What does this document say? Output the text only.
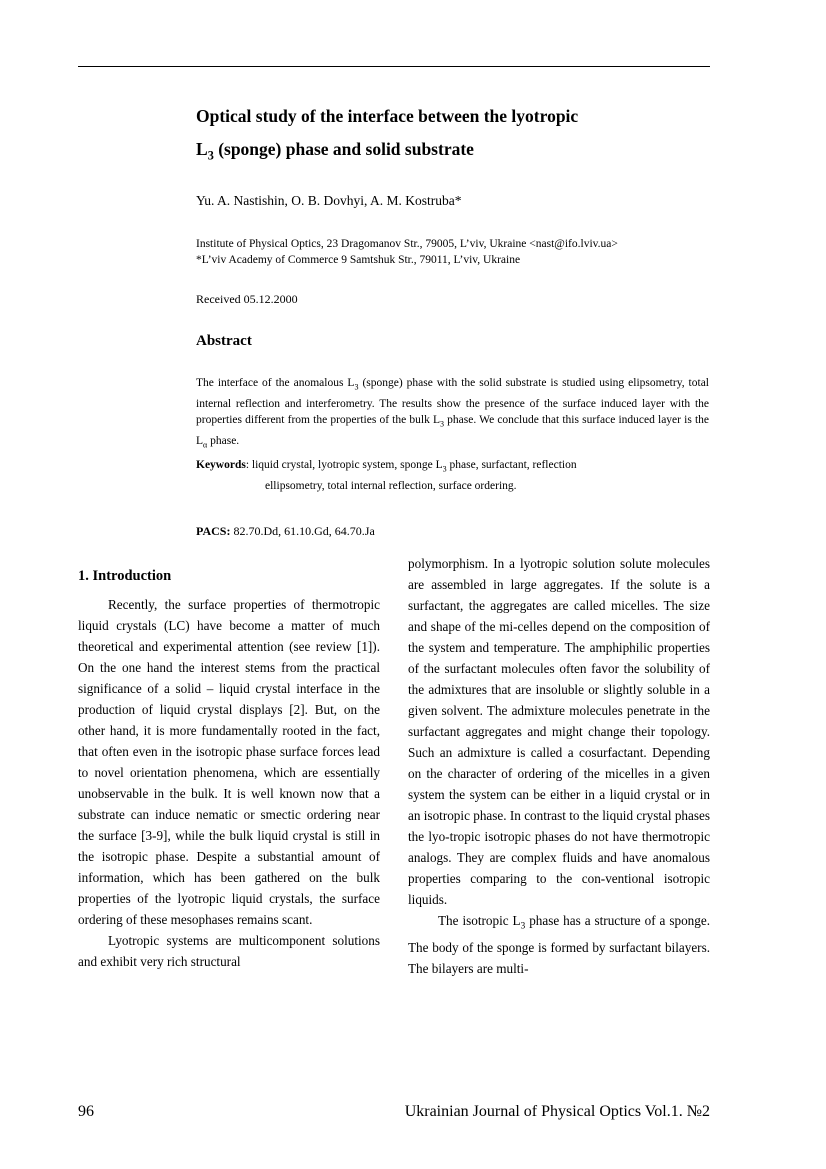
Optical study of the interface between the lyotropic
$L_3$ (sponge) phase and solid substrate
Yu. A. Nastishin, O. B. Dovhyi, A. M. Kostruba*
Institute of Physical Optics, 23 Dragomanov Str., 79005, L’viv, Ukraine <nast@ifo.lviv.ua>
*L’viv Academy of Commerce 9 Samtshuk Str., 79011, L’viv, Ukraine
Received 05.12.2000
Abstract

The interface of the anomalous $L_3$ (sponge) phase with the solid substrate is studied using elipsometry, total internal reflection and interferometry. The results show the presence of the surface induced layer with the properties different from the properties of the bulk $L_3$ phase. We conclude that this surface induced layer is the $L_\alpha$ phase.

Keywords: liquid crystal, lyotropic system, sponge $L_3$ phase, surfactant, reflection
ellipsometry, total internal reflection, surface ordering.

PACS: 82.70.Dd, 61.10.Gd, 64.70.Ja
1. Introduction

Recently, the surface properties of thermotropic liquid crystals (LC) have become a matter of much theoretical and experimental attention (see review [1]). On the one hand the interest stems from the practical significance of a solid – liquid crystal interface in the production of liquid crystal displays [2]. But, on the other hand, it is more fundamentally rooted in the fact, that often even in the isotropic phase surface forces lead to novel orientation phenomena, which are essentially unobservable in the bulk. It is well known now that a substrate can induce nematic or smectic ordering near the surface [3-9], while the bulk liquid crystal is still in the isotropic phase. Despite a substantial amount of information, which has been gathered on the bulk properties of the lyotropic liquid crystals, the surface ordering of these mesophases remains scant.

Lyotropic systems are multicomponent solutions and exhibit very rich structural

polymorphism. In a lyotropic solution solute molecules are assembled in large aggregates. If the solute is a surfactant, the aggregates are called micelles. The size and shape of the mi-celles depend on the composition of the system and temperature. The amphiphilic properties of the surfactant molecules often favor the solubility of the admixtures that are insoluble or slightly soluble in a given solvent. The admixture molecules penetrate in the surfactant aggregates and might change their topology. Such an admixture is called a cosurfactant. Depending on the character of ordering of the micelles in a given system the system can be either in a liquid crystal or in an isotropic phase. In contrast to the liquid crystal phases the lyo-tropic isotropic phases do not have thermotropic analogs. They are complex fluids and have anomalous properties comparing to the con-ventional isotropic liquids.

The isotropic $L_3$ phase has a structure of a sponge. The body of the sponge is formed by surfactant bilayers. The bilayers are multi-

96	Ukrainian Journal of Physical Optics Vol.1. №2
